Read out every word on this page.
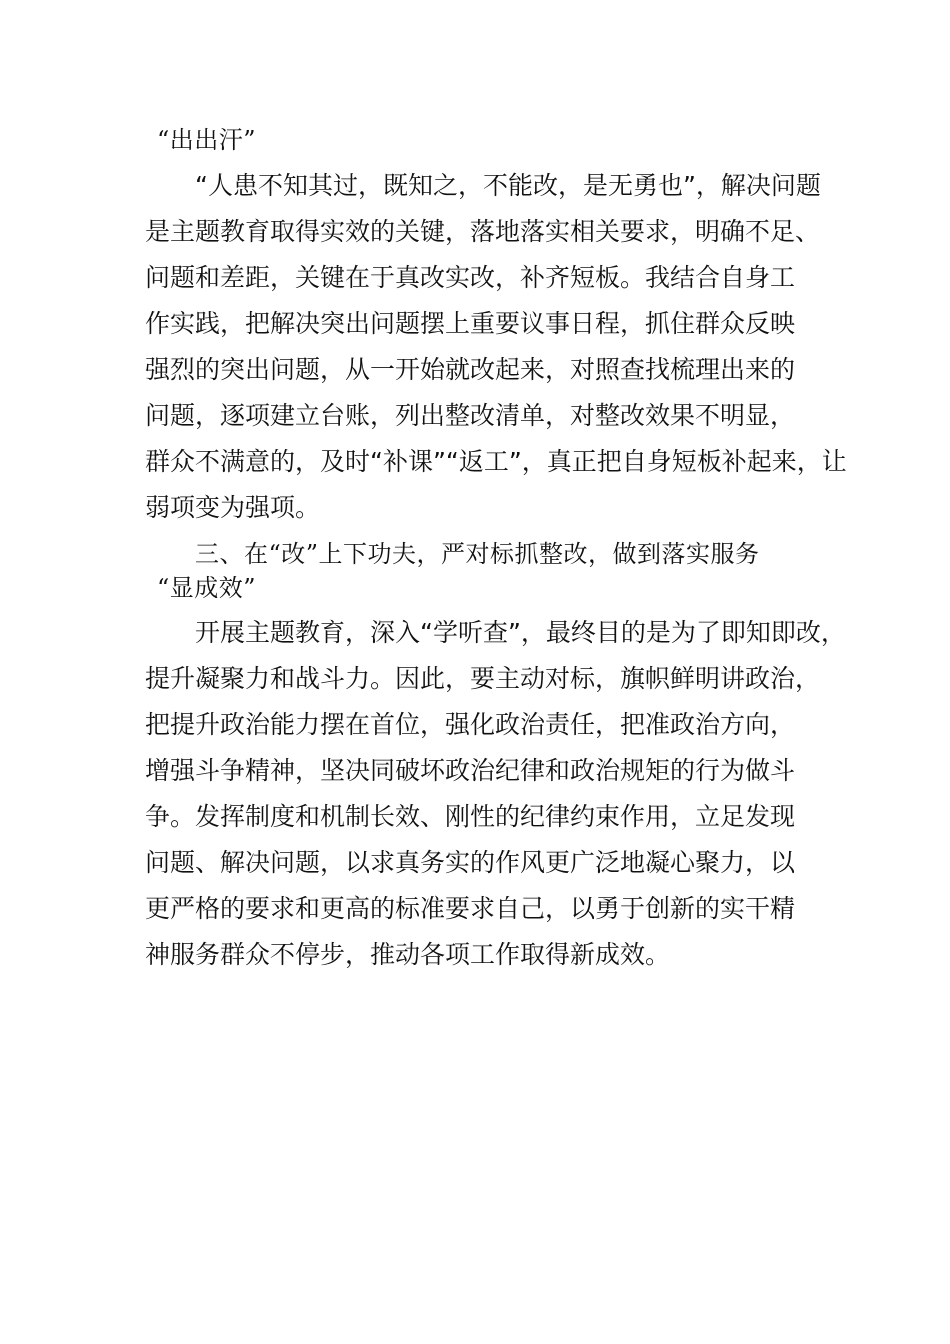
“出出汗”
“人患不知其过，既知之，不能改，是无勇也”，解决问题
是主题教育取得实效的关键，落地落实相关要求，明确不足、
问题和差距，关键在于真改实改，补齐短板。我结合自身工
作实践，把解决突出问题摆上重要议事日程，抓住群众反映
强烈的突出问题，从一开始就改起来，对照查找梳理出来的
问题，逐项建立台账，列出整改清单，对整改效果不明显，
群众不满意的，及时“补课”“返工”，真正把自身短板补起来，让
弱项变为强项。
三、在“改”上下功夫，严对标抓整改，做到落实服务
“显成效”
开展主题教育，深入“学听查”，最终目的是为了即知即改，
提升凝聚力和战斗力。因此，要主动对标，旗帜鲜明讲政治，
把提升政治能力摆在首位，强化政治责任，把准政治方向，
增强斗争精神，坚决同破坏政治纪律和政治规矩的行为做斗
争。发挥制度和机制长效、刚性的纪律约束作用，立足发现
问题、解决问题，以求真务实的作风更广泛地凝心聚力，以
更严格的要求和更高的标准要求自己，以勇于创新的实干精
神服务群众不停步，推动各项工作取得新成效。
